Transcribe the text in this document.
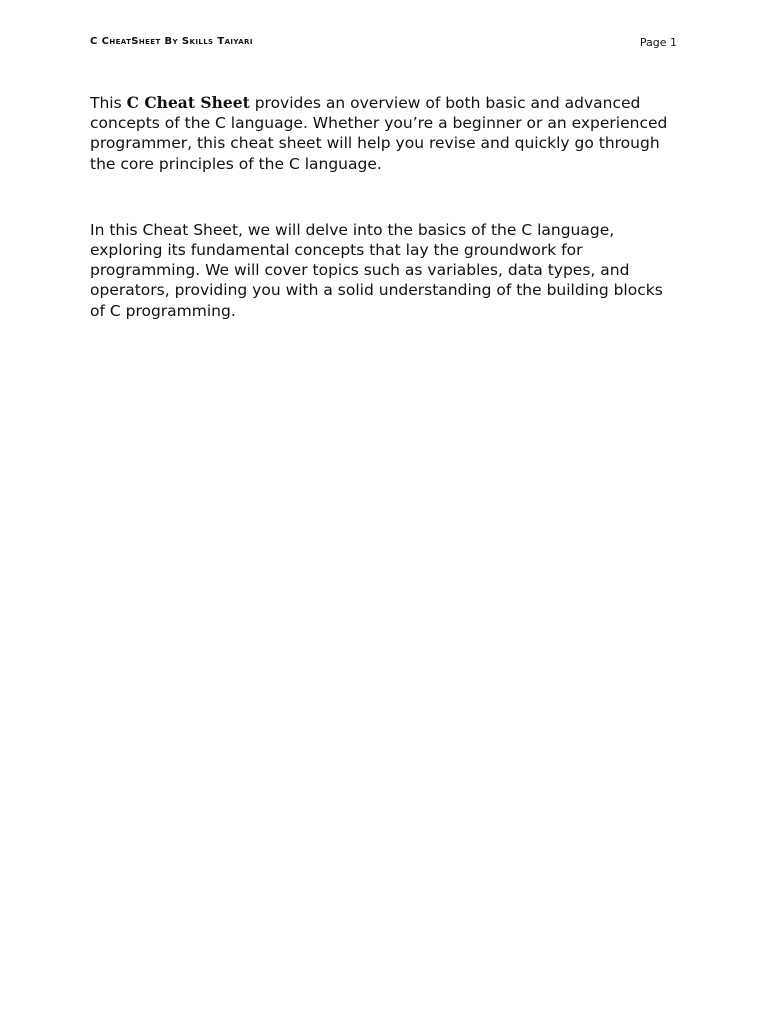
C CheatSheet By Skills Taiyari	Page 1

This C Cheat Sheet provides an overview of both basic and advanced concepts of the C language. Whether you’re a beginner or an experienced programmer, this cheat sheet will help you revise and quickly go through the core principles of the C language.

In this Cheat Sheet, we will delve into the basics of the C language, exploring its fundamental concepts that lay the groundwork for programming. We will cover topics such as variables, data types, and operators, providing you with a solid understanding of the building blocks of C programming.
